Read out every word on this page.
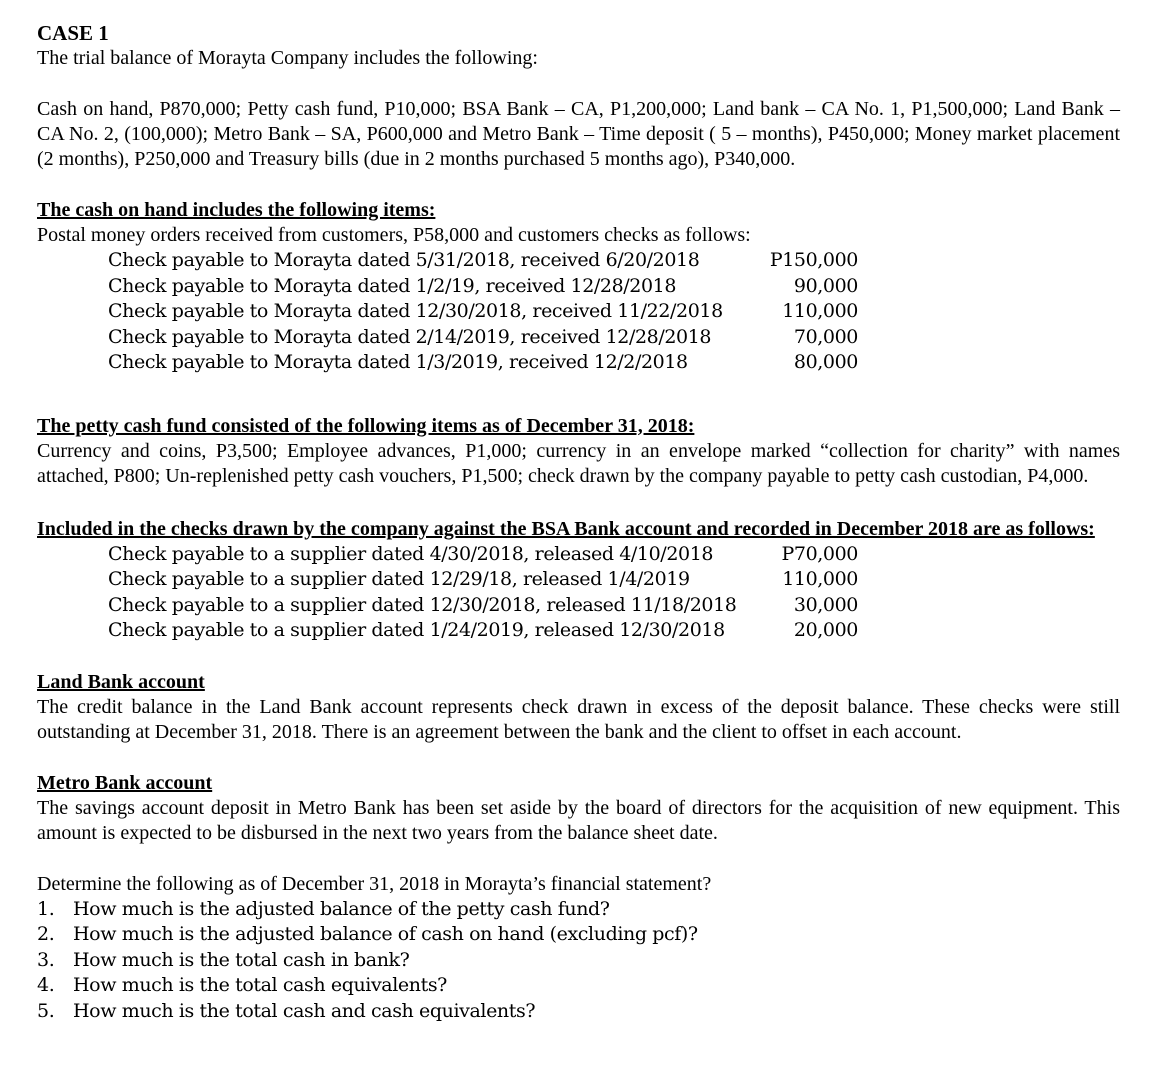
CASE 1

The trial balance of Morayta Company includes the following:

Cash on hand, P870,000; Petty cash fund, P10,000; BSA Bank – CA, P1,200,000; Land bank – CA No. 1, P1,500,000; Land Bank – CA No. 2, (100,000); Metro Bank – SA, P600,000 and Metro Bank – Time deposit ( 5 – months), P450,000; Money market placement (2 months), P250,000 and Treasury bills (due in 2 months purchased 5 months ago), P340,000.

The cash on hand includes the following items:

Postal money orders received from customers, P58,000 and customers checks as follows:

Check payable to Morayta dated 5/31/2018, received 6/20/2018	P150,000
Check payable to Morayta dated 1/2/19, received 12/28/2018	90,000
Check payable to Morayta dated 12/30/2018, received 11/22/2018	110,000
Check payable to Morayta dated 2/14/2019, received 12/28/2018	70,000
Check payable to Morayta dated 1/3/2019, received 12/2/2018	80,000
The petty cash fund consisted of the following items as of December 31, 2018:

Currency and coins, P3,500; Employee advances, P1,000; currency in an envelope marked “collection for charity” with names attached, P800; Un-replenished petty cash vouchers, P1,500; check drawn by the company payable to petty cash custodian, P4,000.

Included in the checks drawn by the company against the BSA Bank account and recorded in December 2018 are as follows:
Check payable to a supplier dated 4/30/2018, released 4/10/2018	P70,000
Check payable to a supplier dated 12/29/18, released 1/4/2019	110,000
Check payable to a supplier dated 12/30/2018, released 11/18/2018	30,000
Check payable to a supplier dated 1/24/2019, released 12/30/2018	20,000
Land Bank account

The credit balance in the Land Bank account represents check drawn in excess of the deposit balance. These checks were still outstanding at December 31, 2018. There is an agreement between the bank and the client to offset in each account.

Metro Bank account

The savings account deposit in Metro Bank has been set aside by the board of directors for the acquisition of new equipment. This amount is expected to be disbursed in the next two years from the balance sheet date.

Determine the following as of December 31, 2018 in Morayta’s financial statement?

1. How much is the adjusted balance of the petty cash fund?
2. How much is the adjusted balance of cash on hand (excluding pcf)?
3. How much is the total cash in bank?
4. How much is the total cash equivalents?
5. How much is the total cash and cash equivalents?
